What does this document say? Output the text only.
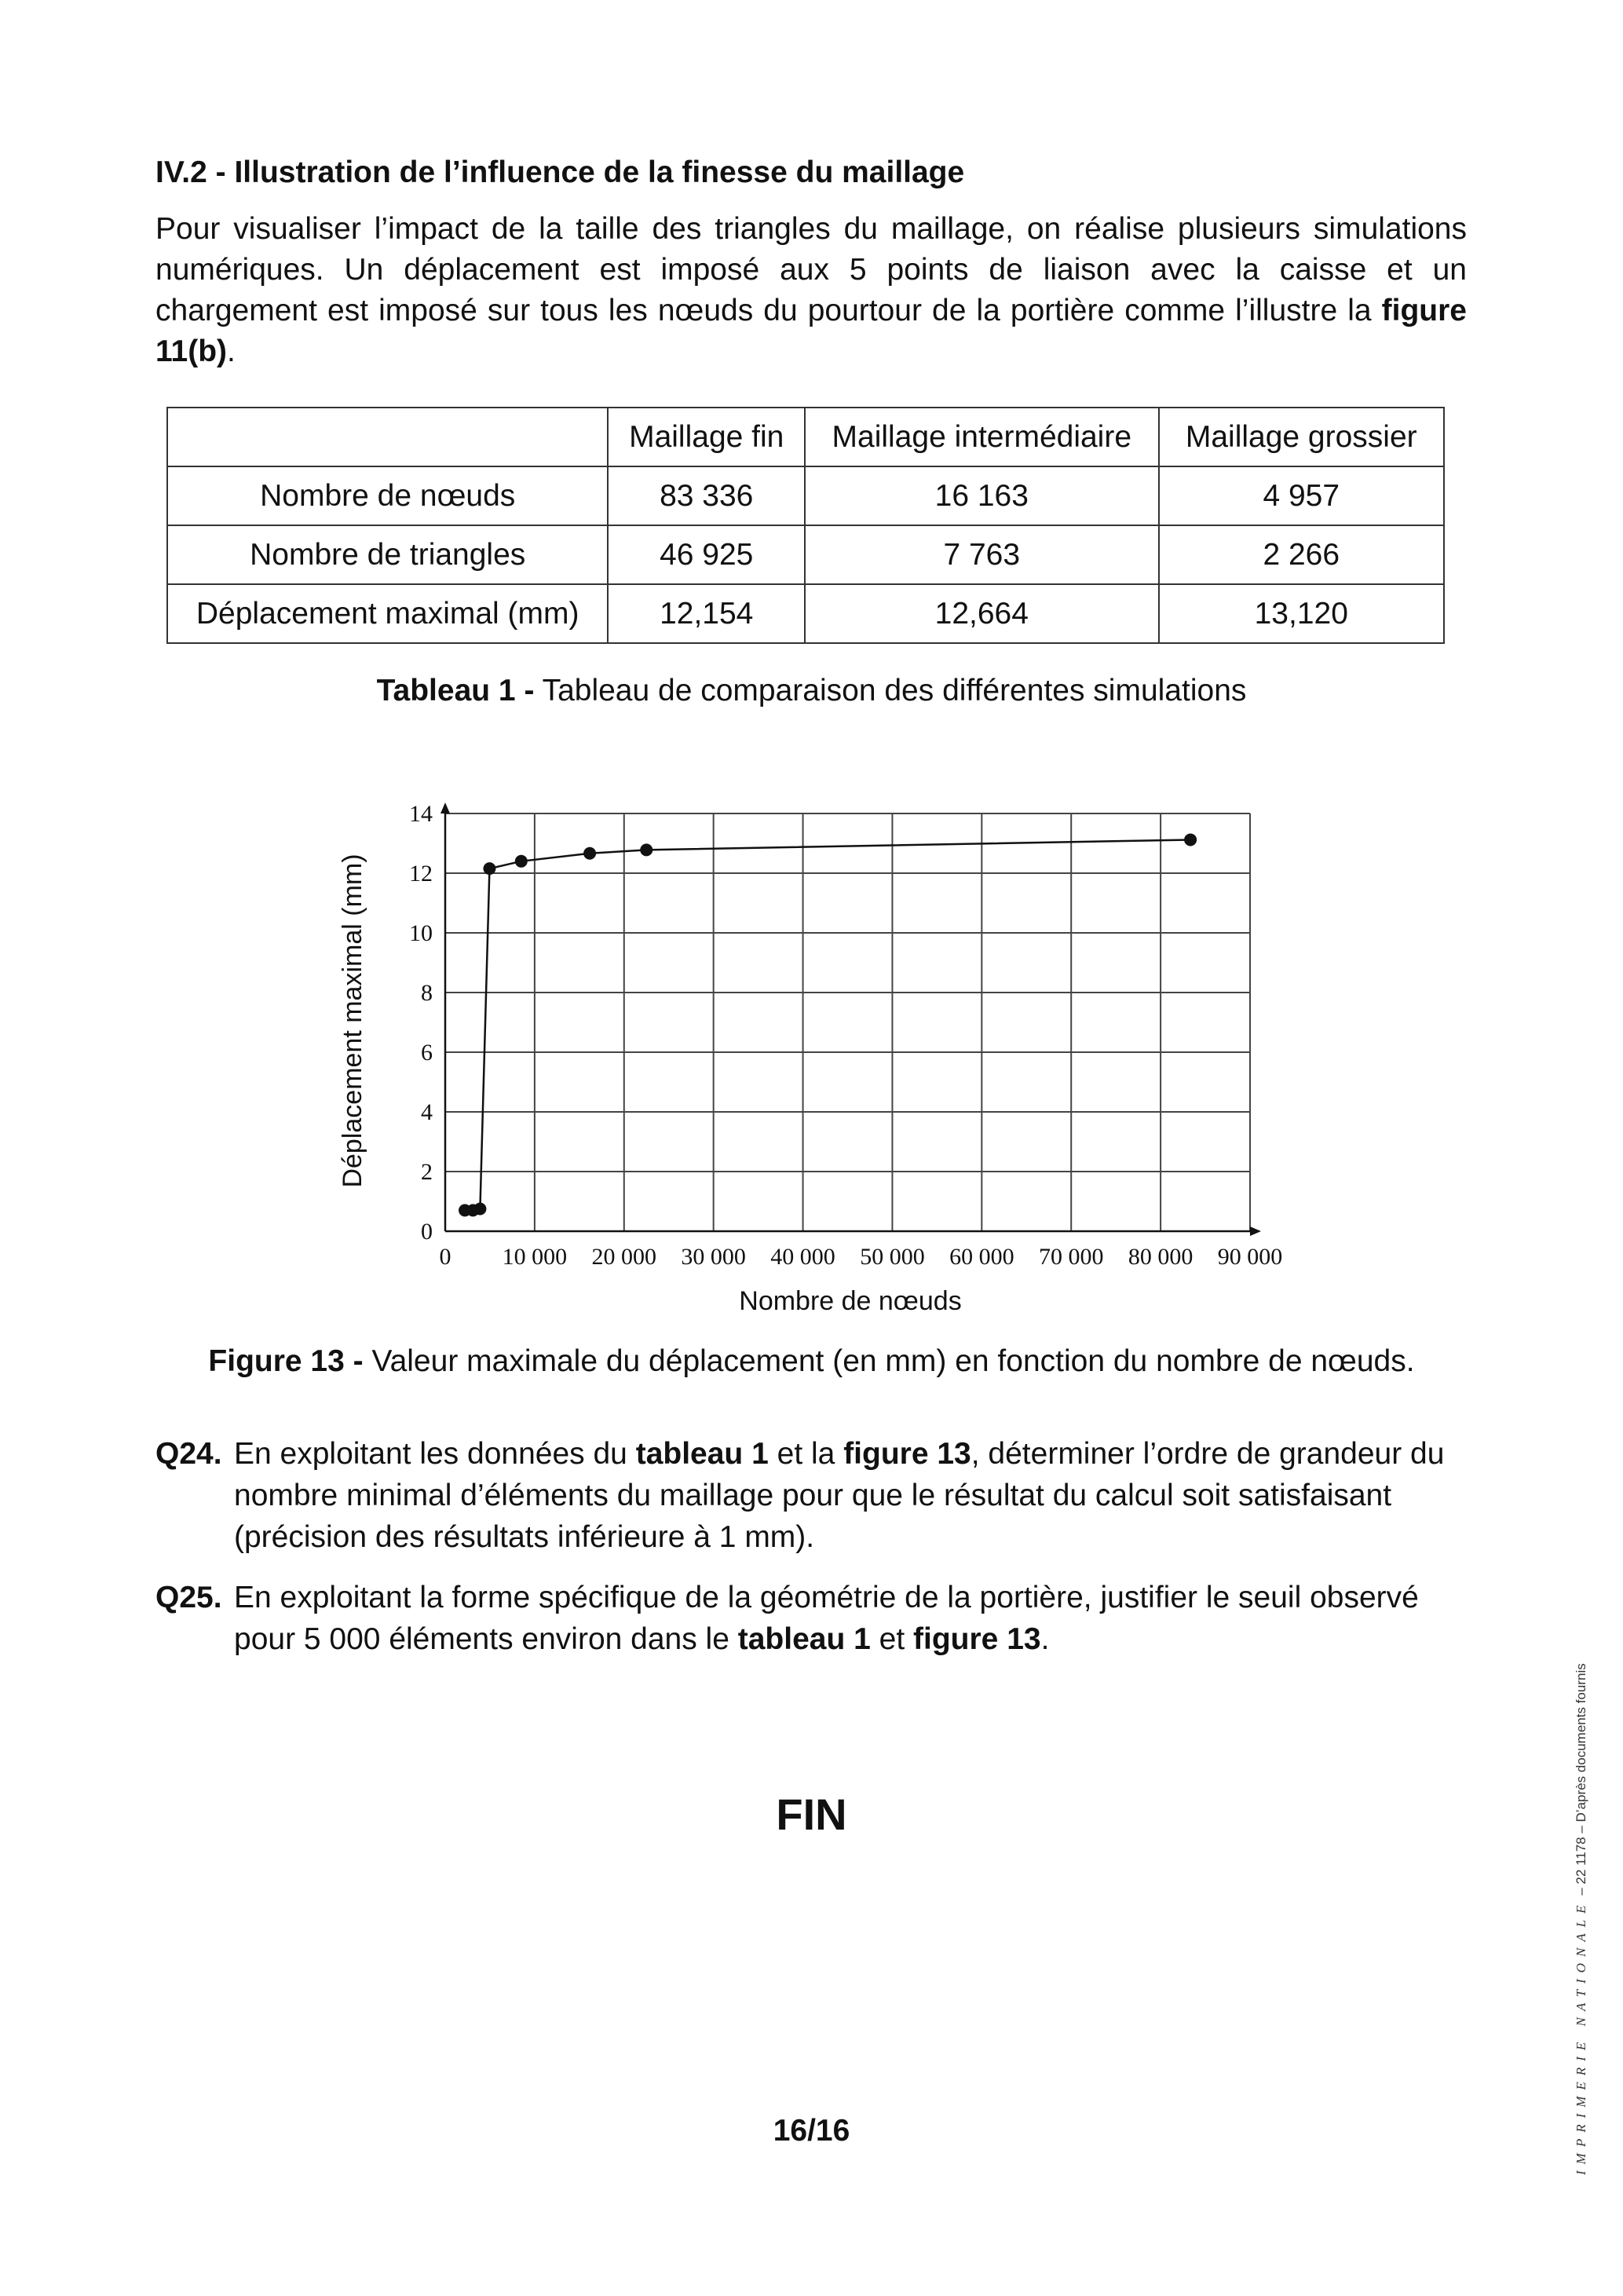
IV.2 - Illustration de l’influence de la finesse du maillage
Pour visualiser l’impact de la taille des triangles du maillage, on réalise plusieurs simulations numériques. Un déplacement est imposé aux 5 points de liaison avec la caisse et un chargement est imposé sur tous les nœuds du pourtour de la portière comme l’illustre la figure 11(b).
	Maillage fin	Maillage intermédiaire	Maillage grossier
Nombre de nœuds	83 336	16 163	4 957
Nombre de triangles	46 925	7 763	2 266
Déplacement maximal (mm)	12,154	12,664	13,120
Tableau 1 - Tableau de comparaison des différentes simulations
0 10 000 20 000 30 000 40 000 50 000 60 000 70 000 80 000 90 000
0
2
4
6
8
10
12
14
Nombre de nœuds
Déplacement maximal (mm)
Figure 13 - Valeur maximale du déplacement (en mm) en fonction du nombre de nœuds.
Q24. En exploitant les données du tableau 1 et la figure 13, déterminer l’ordre de grandeur du nombre minimal d’éléments du maillage pour que le résultat du calcul soit satisfaisant (précision des résultats inférieure à 1 mm).
Q25. En exploitant la forme spécifique de la géométrie de la portière, justifier le seuil observé pour 5 000 éléments environ dans le tableau 1 et figure 13.
FIN
16/16	IMPRIMERIE NATIONALE – 22 1178 – D’après documents fournis
